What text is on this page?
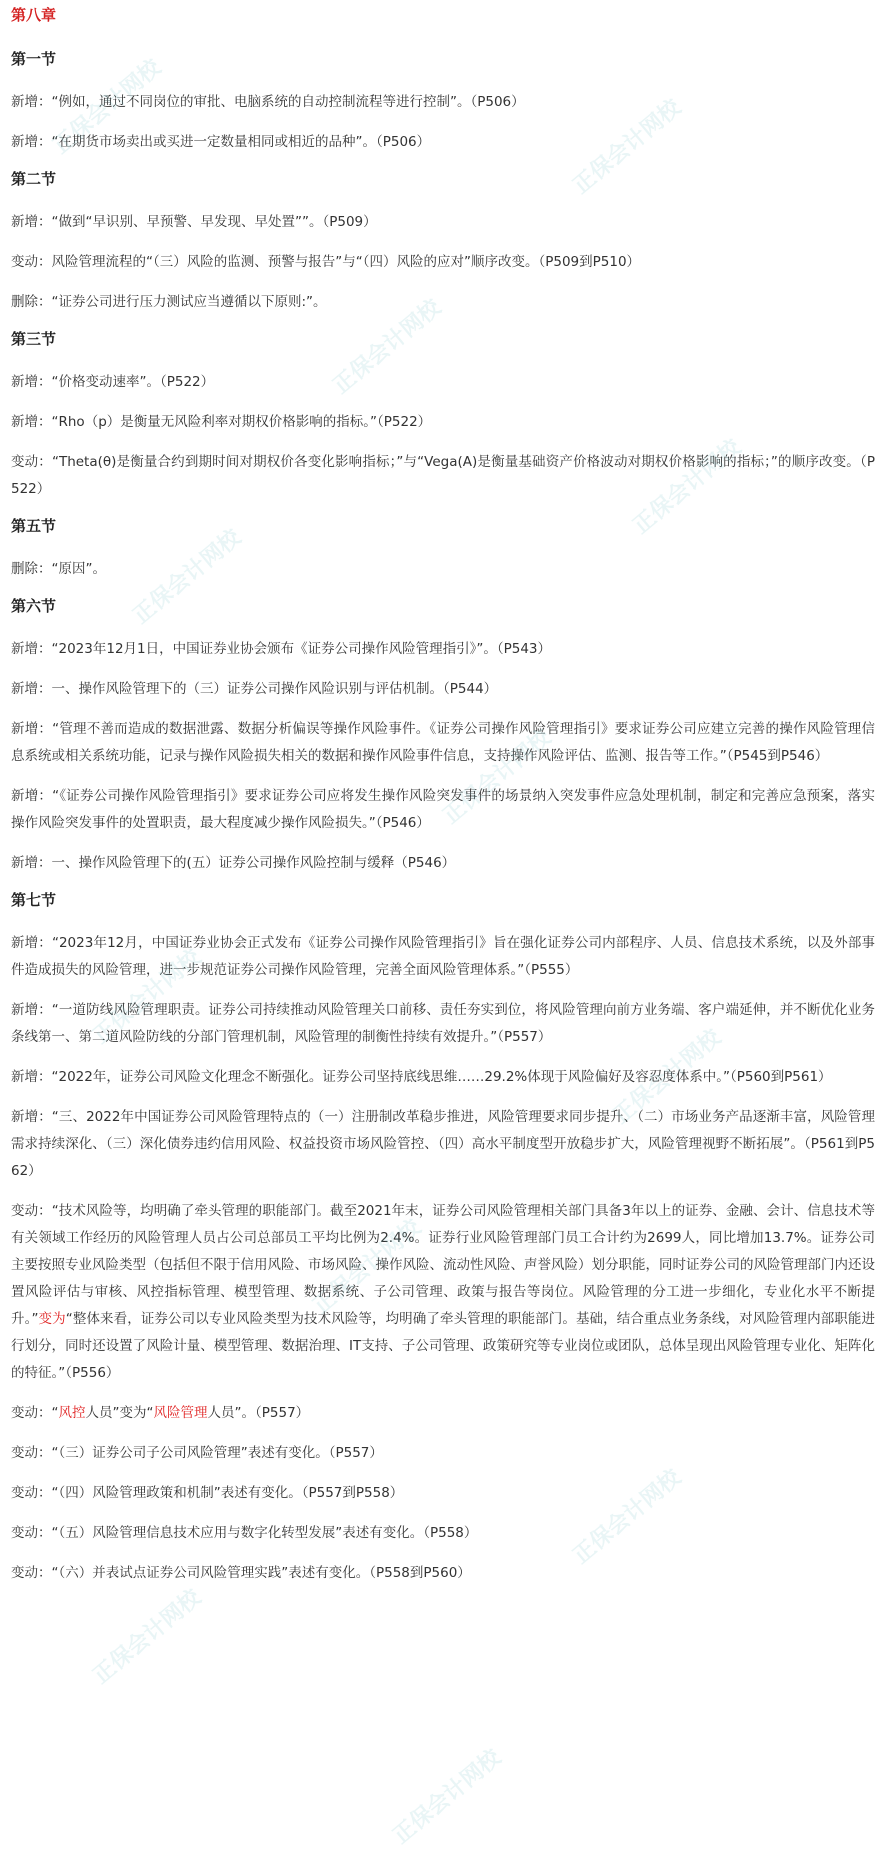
正保会计网校	正保会计网校
正保会计网校
正保会计网校
正保会计网校
正保会计网校
正保会计网校
正保会计网校
正保会计网校
正保会计网校
正保会计网校
正保会计网校
第八章
第一节
新增：“例如，通过不同岗位的审批、电脑系统的自动控制流程等进行控制”。（P506）
新增：“在期货市场卖出或买进一定数量相同或相近的品种”。（P506）
第二节
新增：“做到“早识别、早预警、早发现、早处置””。（P509）
变动：风险管理流程的“（三）风险的监测、预警与报告”与“（四）风险的应对”顺序改变。（P509到P510）
删除：“证券公司进行压力测试应当遵循以下原则:”。
第三节
新增：“价格变动速率”。（P522）
新增：“Rho（p）是衡量无风险利率对期权价格影响的指标。”（P522）
变动：“Theta(θ)是衡量合约到期时间对期权价各变化影响指标；”与“Vega(A)是衡量基础资产价格波动对期权价格影响的指标；”的顺序改变。（P522）
第五节
删除：“原因”。
第六节
新增：“2023年12月1日，中国证券业协会颁布《证券公司操作风险管理指引》”。（P543）
新增：一、操作风险管理下的（三）证券公司操作风险识别与评估机制。（P544）
新增：“管理不善而造成的数据泄露、数据分析偏误等操作风险事件。《证券公司操作风险管理指引》要求证券公司应建立完善的操作风险管理信息系统或相关系统功能，记录与操作风险损失相关的数据和操作风险事件信息，支持操作风险评估、监测、报告等工作。”（P545到P546）
新增：“《证券公司操作风险管理指引》要求证券公司应将发生操作风险突发事件的场景纳入突发事件应急处理机制，制定和完善应急预案，落实操作风险突发事件的处置职责，最大程度减少操作风险损失。”（P546）
新增：一、操作风险管理下的(五）证券公司操作风险控制与缓释（P546）
第七节
新增：“2023年12月，中国证券业协会正式发布《证券公司操作风险管理指引》旨在强化证券公司内部程序、人员、信息技术系统，以及外部事件造成损失的风险管理，进一步规范证券公司操作风险管理，完善全面风险管理体系。”（P555）
新增：“一道防线风险管理职责。证券公司持续推动风险管理关口前移、责任夯实到位，将风险管理向前方业务端、客户端延伸，并不断优化业务条线第一、第二道风险防线的分部门管理机制，风险管理的制衡性持续有效提升。”（P557）
新增：“2022年，证券公司风险文化理念不断强化。证券公司坚持底线思维……29.2%体现于风险偏好及容忍度体系中。”（P560到P561）
新增：“三、2022年中国证券公司风险管理特点的（一）注册制改革稳步推进，风险管理要求同步提升、（二）市场业务产品逐渐丰富，风险管理需求持续深化、（三）深化债券违约信用风险、权益投资市场风险管控、（四）高水平制度型开放稳步扩大，风险管理视野不断拓展”。（P561到P562）
变动：“技术风险等，均明确了牵头管理的职能部门。截至2021年末，证券公司风险管理相关部门具备3年以上的证券、金融、会计、信息技术等有关领域工作经历的风险管理人员占公司总部员工平均比例为2.4%。证券行业风险管理部门员工合计约为2699人，同比增加13.7%。证券公司主要按照专业风险类型（包括但不限于信用风险、市场风险、操作风险、流动性风险、声誉风险）划分职能，同时证券公司的风险管理部门内还设置风险评估与审核、风控指标管理、模型管理、数据系统、子公司管理、政策与报告等岗位。风险管理的分工进一步细化，专业化水平不断提升。”变为“整体来看，证券公司以专业风险类型为技术风险等，均明确了牵头管理的职能部门。基础，结合重点业务条线，对风险管理内部职能进行划分，同时还设置了风险计量、模型管理、数据治理、IT支持、子公司管理、政策研究等专业岗位或团队，总体呈现出风险管理专业化、矩阵化的特征。”（P556）
变动：“风控人员”变为“风险管理人员”。（P557）
变动：“（三）证券公司子公司风险管理”表述有变化。（P557）
变动：“（四）风险管理政策和机制”表述有变化。（P557到P558）
变动：“（五）风险管理信息技术应用与数字化转型发展”表述有变化。（P558）
变动：“（六）并表试点证券公司风险管理实践”表述有变化。（P558到P560）
